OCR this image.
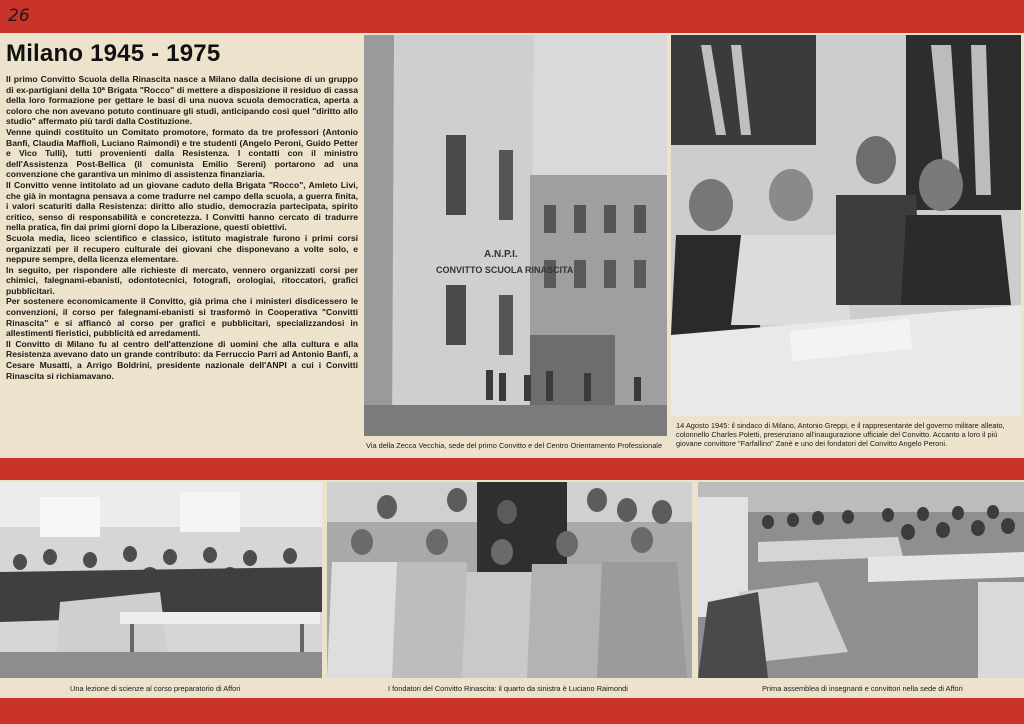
26
Milano 1945 - 1975

Il primo Convitto Scuola della Rinascita nasce a Milano dalla decisione di un gruppo di ex-partigiani della 10ª Brigata "Rocco" di mettere a disposizione il residuo di cassa della loro formazione per gettare le basi di una nuova scuola democratica, aperta a coloro che non avevano potuto continuare gli studi, anticipando così quel "diritto allo studio" affermato più tardi dalla Costituzione.

Venne quindi costituito un Comitato promotore, formato da tre professori (Antonio Banfi, Claudia Maffioli, Luciano Raimondi) e tre studenti (Angelo Peroni, Guido Petter e Vico Tulli), tutti provenienti dalla Resistenza. I contatti con il ministro dell'Assistenza Post-Bellica (il comunista Emilio Sereni) portarono ad una convenzione che garantiva un minimo di assistenza finanziaria.

Il Convitto venne intitolato ad un giovane caduto della Brigata "Rocco", Amleto Livi, che già in montagna pensava a come tradurre nel campo della scuola, a guerra finita, i valori scaturiti dalla Resistenza: diritto allo studio, democrazia partecipata, spirito critico, senso di responsabilità e concretezza. I Convitti hanno cercato di tradurre nella pratica, fin dai primi giorni dopo la Liberazione, questi obiettivi.

Scuola media, liceo scientifico e classico, istituto magistrale furono i primi corsi organizzati per il recupero culturale dei giovani che disponevano a volte solo, e neppure sempre, della licenza elementare.

In seguito, per rispondere alle richieste di mercato, vennero organizzati corsi per chimici, falegnami-ebanisti, odontotecnici, fotografi, orologiai, ritoccatori, grafici pubblicitari.

Per sostenere economicamente il Convitto, già prima che i ministeri disdicessero le convenzioni, il corso per falegnami-ebanisti si trasformò in Cooperativa "Convitti Rinascita" e si affiancò al corso per grafici e pubblicitari, specializzandosi in allestimenti fieristici, pubblicità ed arredamenti.

Il Convitto di Milano fu al centro dell'attenzione di uomini che alla cultura e alla Resistenza avevano dato un grande contributo: da Ferruccio Parri ad Antonio Banfi, a Cesare Musatti, a Arrigo Boldrini, presidente nazionale dell'ANPI a cui i Convitti Rinascita si richiamavano.

A.N.P.I.
CONVITTO SCUOLA RINASCITA
Via della Zecca Vecchia, sede del primo Convitto e del Centro Orientamento Professionale
14 Agosto 1945: il sindaco di Milano, Antonio Greppi, e il rappresentante del governo militare alleato, colonnello Charles Poletti, presenziano all'inaugurazione ufficiale del Convitto. Accanto a loro il più giovane convittore "Farfallino" Zanè e uno dei fondatori del Convitto Angelo Peroni.
Una lezione di scienze al corso preparatorio di Affori	I fondatori del Convitto Rinascita: il quarto da sinistra è Luciano Raimondi	Prima assemblea di insegnanti e convittori nella sede di Affori
